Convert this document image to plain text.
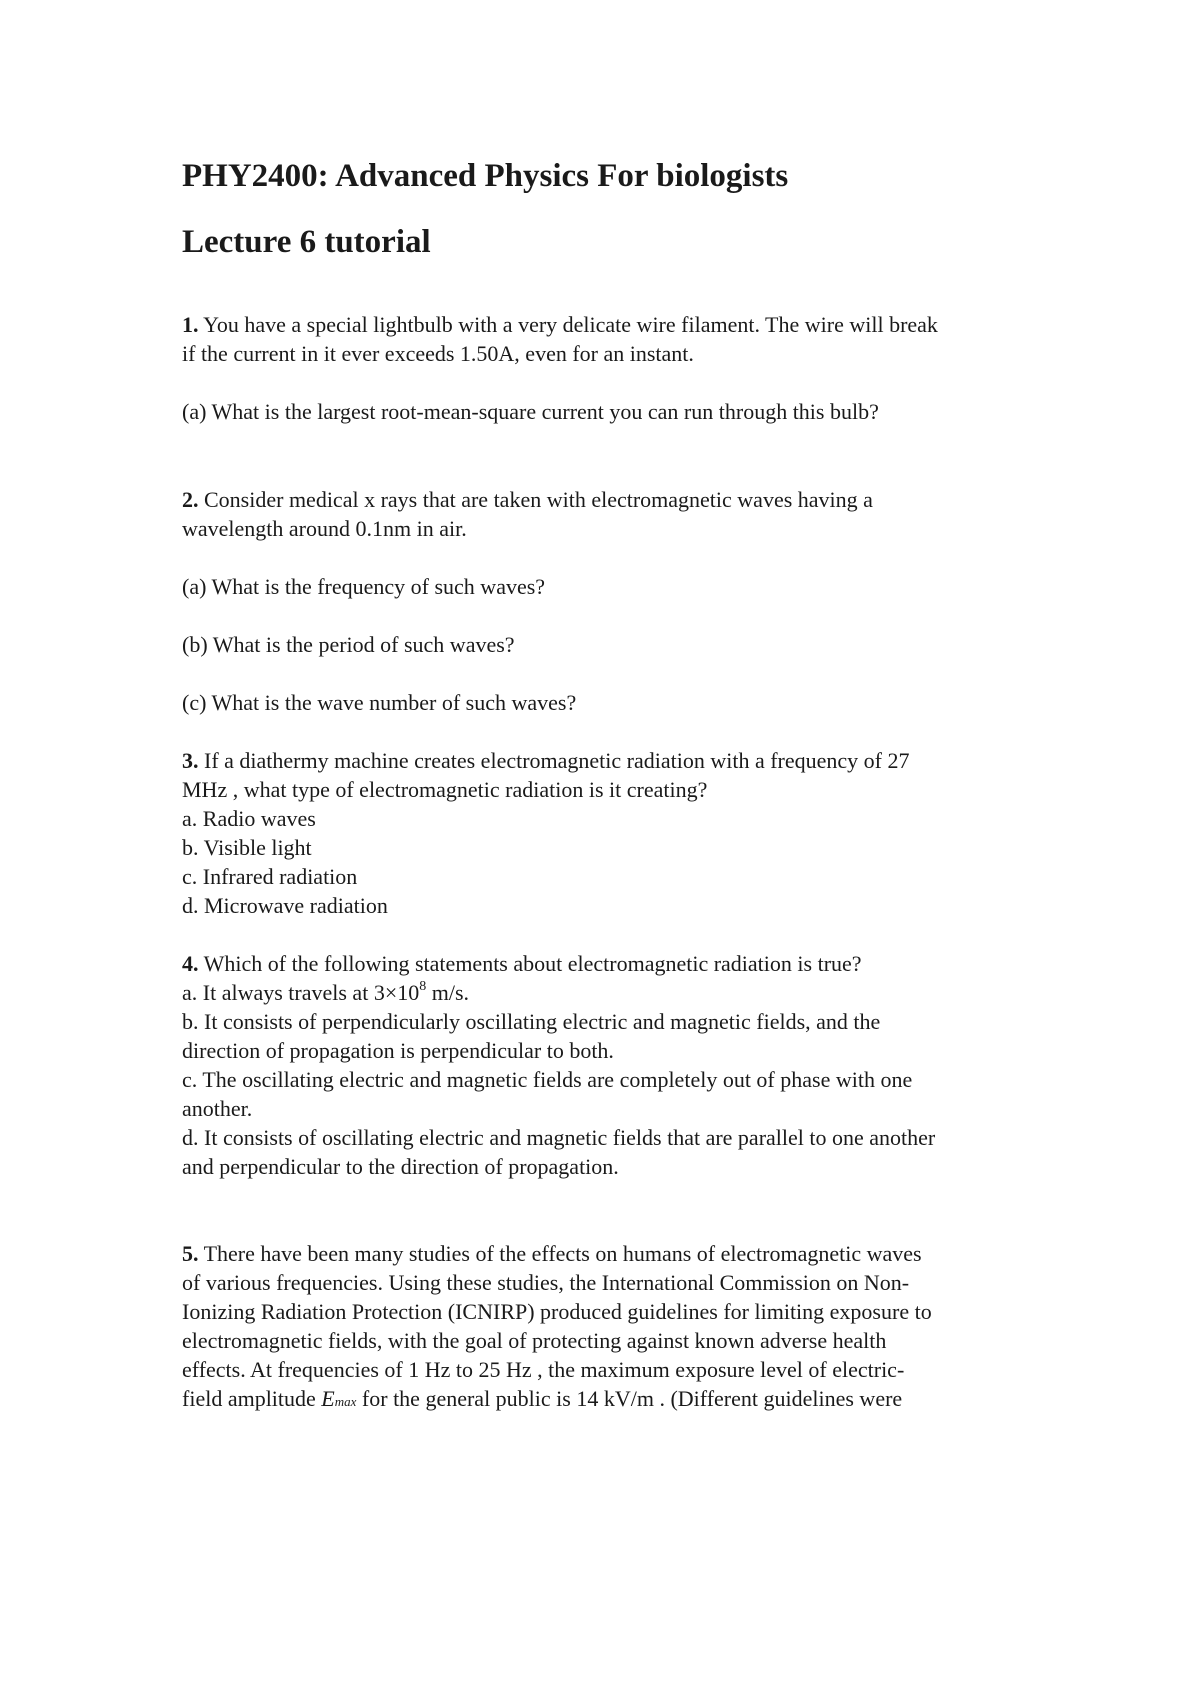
PHY2400: Advanced Physics For biologists
Lecture 6 tutorial
1. You have a special lightbulb with a very delicate wire filament. The wire will break
if the current in it ever exceeds 1.50A, even for an instant.
(a) What is the largest root-mean-square current you can run through this bulb?
2. Consider medical x rays that are taken with electromagnetic waves having a
wavelength around 0.1nm in air.
(a) What is the frequency of such waves?
(b) What is the period of such waves?
(c) What is the wave number of such waves?
3. If a diathermy machine creates electromagnetic radiation with a frequency of 27
MHz , what type of electromagnetic radiation is it creating?
a. Radio waves
b. Visible light
c. Infrared radiation
d. Microwave radiation
4. Which of the following statements about electromagnetic radiation is true?
a. It always travels at $3\times 10^8$ m/s.
b. It consists of perpendicularly oscillating electric and magnetic fields, and the
direction of propagation is perpendicular to both.
c. The oscillating electric and magnetic fields are completely out of phase with one
another.
d. It consists of oscillating electric and magnetic fields that are parallel to one another
and perpendicular to the direction of propagation.
5. There have been many studies of the effects on humans of electromagnetic waves
of various frequencies. Using these studies, the International Commission on Non-
Ionizing Radiation Protection (ICNIRP) produced guidelines for limiting exposure to
electromagnetic fields, with the goal of protecting against known adverse health
effects. At frequencies of 1 Hz to 25 Hz , the maximum exposure level of electric-
field amplitude Emax for the general public is 14 kV/m . (Different guidelines were
